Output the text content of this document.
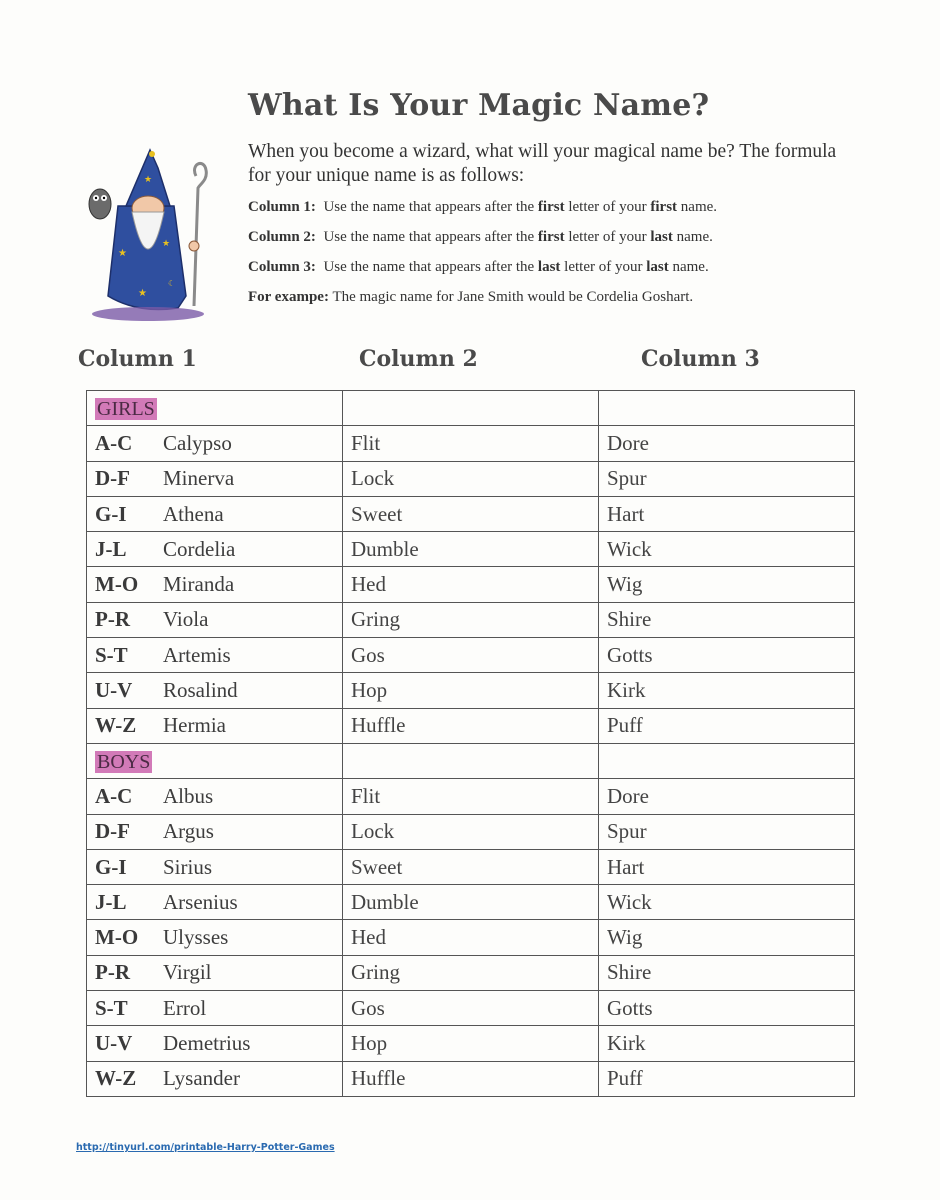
★
★
★
☾
★
What Is Your Magic Name?
When you become a wizard, what will your magical name be? The formula for your unique name is as follows:
Column 1: Use the name that appears after the first letter of your first name.
Column 2: Use the name that appears after the first letter of your last name.
Column 3: Use the name that appears after the last letter of your last name.
For exampe: The magic name for Jane Smith would be Cordelia Goshart.
Column 1	Column 2	Column 3
GIRLS		
A-C Calypso	Flit	Dore
D-F Minerva	Lock	Spur
G-I Athena	Sweet	Hart
J-L Cordelia	Dumble	Wick
M-O Miranda	Hed	Wig
P-R Viola	Gring	Shire
S-T Artemis	Gos	Gotts
U-V Rosalind	Hop	Kirk
W-Z Hermia	Huffle	Puff
BOYS		
A-C Albus	Flit	Dore
D-F Argus	Lock	Spur
G-I Sirius	Sweet	Hart
J-L Arsenius	Dumble	Wick
M-O Ulysses	Hed	Wig
P-R Virgil	Gring	Shire
S-T Errol	Gos	Gotts
U-V Demetrius	Hop	Kirk
W-Z Lysander	Huffle	Puff
http://tinyurl.com/printable-Harry-Potter-Games
